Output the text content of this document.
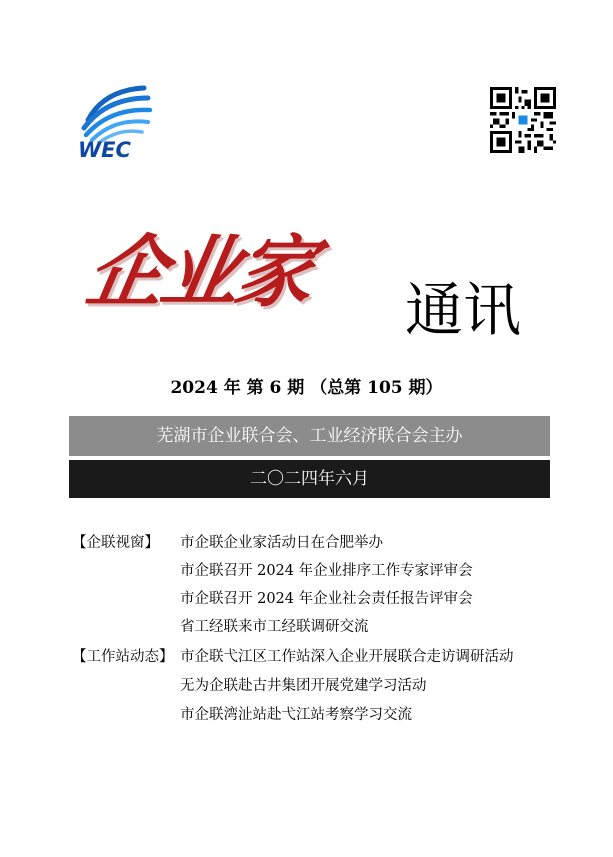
WEC
企业家	通讯
2024 年 第 6 期 （总第 105 期）
芜湖市企业联合会、工业经济联合会主办
二〇二四年六月
【企联视窗】 市企联企业家活动日在合肥举办
市企联召开 2024 年企业排序工作专家评审会
市企联召开 2024 年企业社会责任报告评审会
省工经联来市工经联调研交流
【工作站动态】 市企联弋江区工作站深入企业开展联合走访调研活动
无为企联赴古井集团开展党建学习活动
市企联湾沚站赴弋江站考察学习交流
